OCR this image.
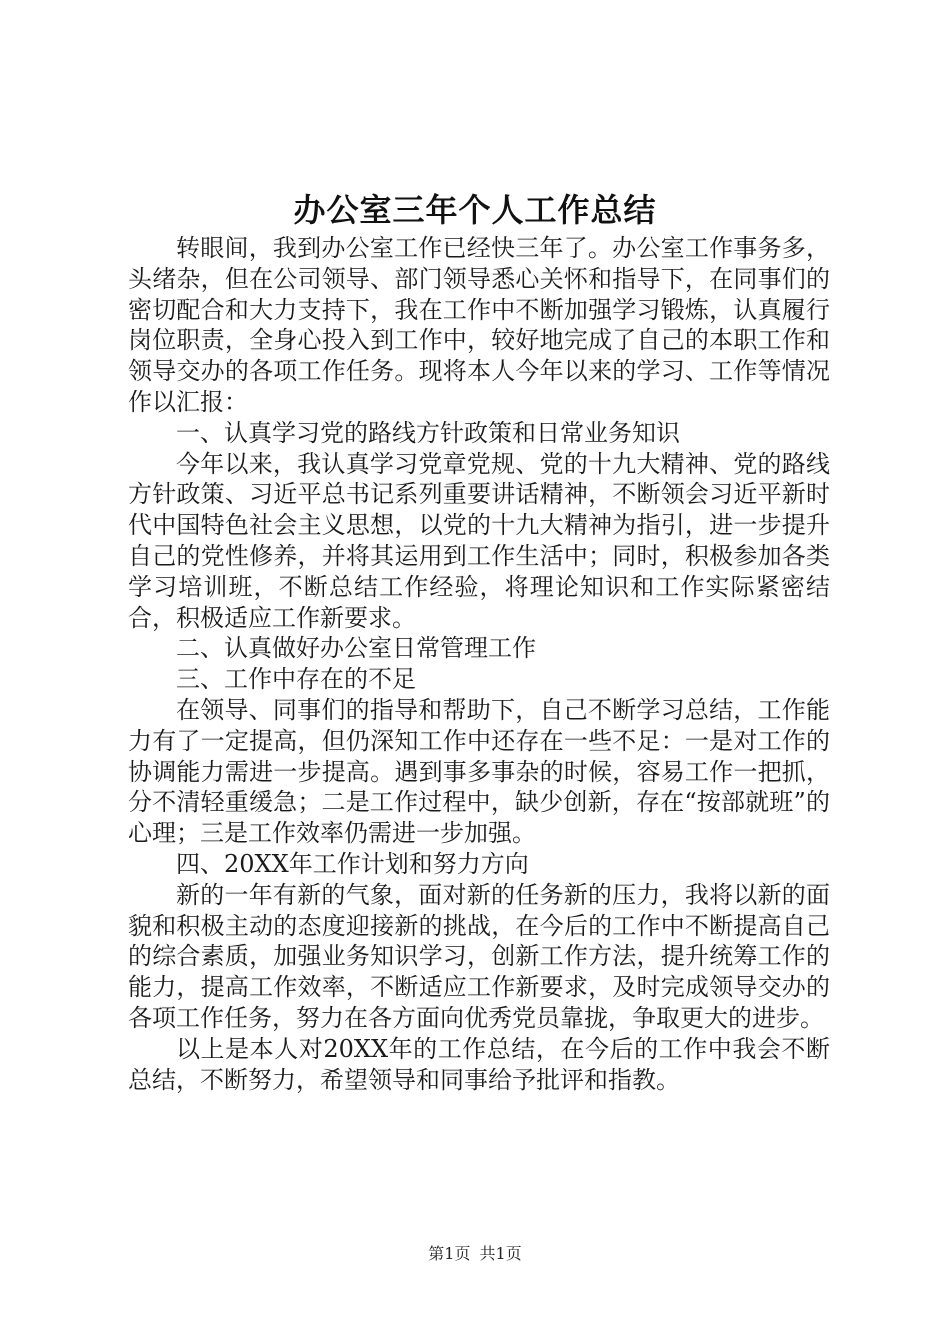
办公室三年个人工作总结

转眼间，我到办公室工作已经快三年了。办公室工作事务多，头绪杂，但在公司领导、部门领导悉心关怀和指导下，在同事们的密切配合和大力支持下，我在工作中不断加强学习锻炼，认真履行岗位职责，全身心投入到工作中，较好地完成了自己的本职工作和领导交办的各项工作任务。现将本人今年以来的学习、工作等情况作以汇报：

一、认真学习党的路线方针政策和日常业务知识

今年以来，我认真学习党章党规、党的十九大精神、党的路线方针政策、习近平总书记系列重要讲话精神，不断领会习近平新时代中国特色社会主义思想，以党的十九大精神为指引，进一步提升自己的党性修养，并将其运用到工作生活中；同时，积极参加各类学习培训班，不断总结工作经验，将理论知识和工作实际紧密结合，积极适应工作新要求。

二、认真做好办公室日常管理工作

三、工作中存在的不足

在领导、同事们的指导和帮助下，自己不断学习总结，工作能力有了一定提高，但仍深知工作中还存在一些不足：一是对工作的协调能力需进一步提高。遇到事多事杂的时候，容易工作一把抓，分不清轻重缓急；二是工作过程中，缺少创新，存在“按部就班”的心理；三是工作效率仍需进一步加强。

四、20XX年工作计划和努力方向

新的一年有新的气象，面对新的任务新的压力，我将以新的面貌和积极主动的态度迎接新的挑战，在今后的工作中不断提高自己的综合素质，加强业务知识学习，创新工作方法，提升统筹工作的能力，提高工作效率，不断适应工作新要求，及时完成领导交办的各项工作任务，努力在各方面向优秀党员靠拢，争取更大的进步。

以上是本人对20XX年的工作总结，在今后的工作中我会不断总结，不断努力，希望领导和同事给予批评和指教。

第1页 共1页
